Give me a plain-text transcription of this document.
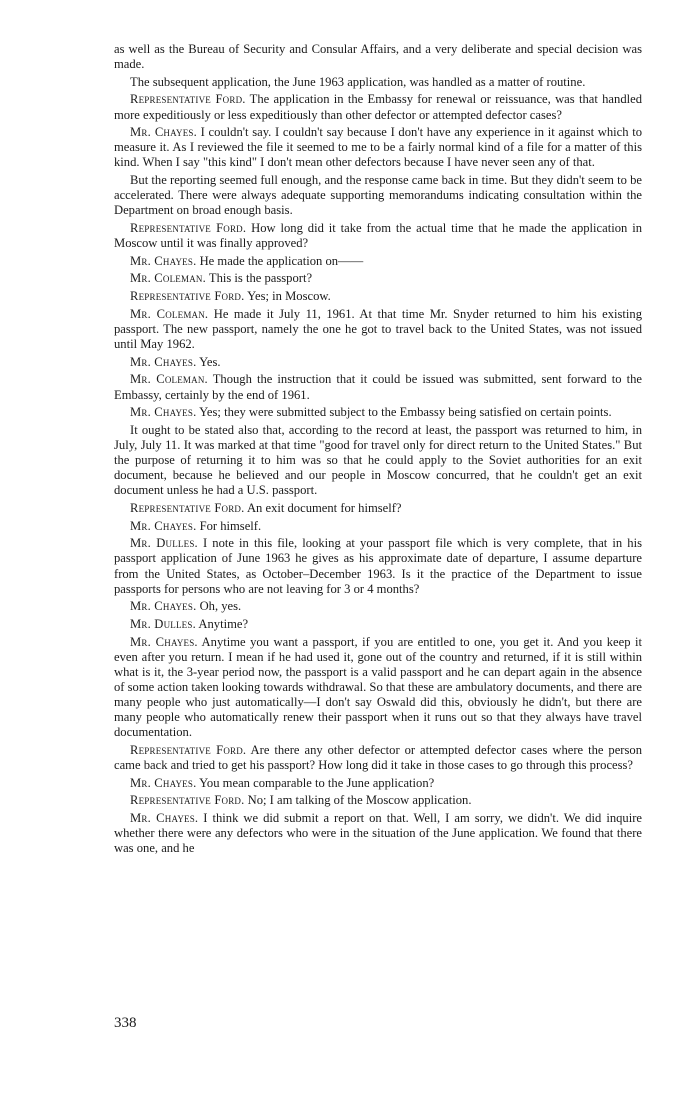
as well as the Bureau of Security and Consular Affairs, and a very deliberate and special decision was made.

The subsequent application, the June 1963 application, was handled as a matter of routine.

Representative Ford. The application in the Embassy for renewal or reissuance, was that handled more expeditiously or less expeditiously than other defector or attempted defector cases?

Mr. Chayes. I couldn't say. I couldn't say because I don't have any experience in it against which to measure it. As I reviewed the file it seemed to me to be a fairly normal kind of a file for a matter of this kind. When I say "this kind" I don't mean other defectors because I have never seen any of that.

But the reporting seemed full enough, and the response came back in time. But they didn't seem to be accelerated. There were always adequate supporting memorandums indicating consultation within the Department on broad enough basis.

Representative Ford. How long did it take from the actual time that he made the application in Moscow until it was finally approved?

Mr. Chayes. He made the application on——

Mr. Coleman. This is the passport?

Representative Ford. Yes; in Moscow.

Mr. Coleman. He made it July 11, 1961. At that time Mr. Snyder returned to him his existing passport. The new passport, namely the one he got to travel back to the United States, was not issued until May 1962.

Mr. Chayes. Yes.

Mr. Coleman. Though the instruction that it could be issued was submitted, sent forward to the Embassy, certainly by the end of 1961.

Mr. Chayes. Yes; they were submitted subject to the Embassy being satisfied on certain points.

It ought to be stated also that, according to the record at least, the passport was returned to him, in July, July 11. It was marked at that time "good for travel only for direct return to the United States." But the purpose of returning it to him was so that he could apply to the Soviet authorities for an exit document, because he believed and our people in Moscow concurred, that he couldn't get an exit document unless he had a U.S. passport.

Representative Ford. An exit document for himself?

Mr. Chayes. For himself.

Mr. Dulles. I note in this file, looking at your passport file which is very complete, that in his passport application of June 1963 he gives as his approximate date of departure, I assume departure from the United States, as October–December 1963. Is it the practice of the Department to issue passports for persons who are not leaving for 3 or 4 months?

Mr. Chayes. Oh, yes.

Mr. Dulles. Anytime?

Mr. Chayes. Anytime you want a passport, if you are entitled to one, you get it. And you keep it even after you return. I mean if he had used it, gone out of the country and returned, if it is still within what is it, the 3-year period now, the passport is a valid passport and he can depart again in the absence of some action taken looking towards withdrawal. So that these are ambulatory documents, and there are many people who just automatically—I don't say Oswald did this, obviously he didn't, but there are many people who automatically renew their passport when it runs out so that they always have travel documentation.

Representative Ford. Are there any other defector or attempted defector cases where the person came back and tried to get his passport? How long did it take in those cases to go through this process?

Mr. Chayes. You mean comparable to the June application?

Representative Ford. No; I am talking of the Moscow application.

Mr. Chayes. I think we did submit a report on that. Well, I am sorry, we didn't. We did inquire whether there were any defectors who were in the situation of the June application. We found that there was one, and he

338
